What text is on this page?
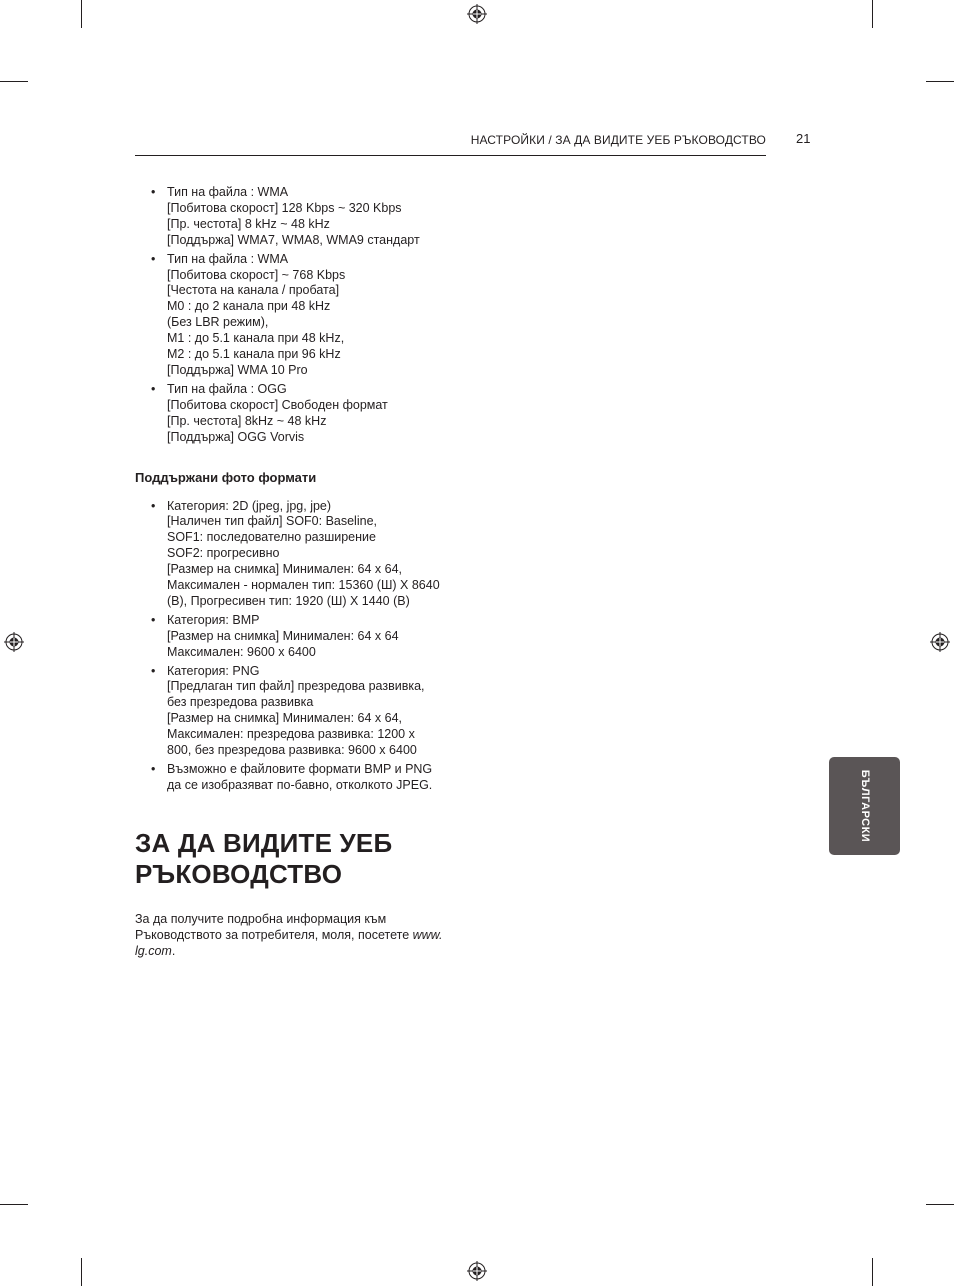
НАСТРОЙКИ / ЗА ДА ВИДИТЕ УЕБ РЪКОВОДСТВО 21
• Тип на файла : WMA
[Побитова скорост] 128 Kbps ~ 320 Kbps
[Пр. честота] 8 kHz ~ 48 kHz
[Поддържа] WMA7, WMA8, WMA9 стандарт
• Тип на файла : WMA
[Побитова скорост] ~ 768 Kbps
[Честота на канала / пробата]
M0 : до 2 канала при 48 kHz
(Без LBR режим),
M1 : до 5.1 канала при 48 kHz,
M2 : до 5.1 канала при 96 kHz
[Поддържа] WMA 10 Pro
• Тип на файла : OGG
[Побитова скорост] Свободен формат
[Пр. честота] 8kHz ~ 48 kHz
[Поддържа] OGG Vorvis
Поддържани фото формати
• Категория: 2D (jpeg, jpg, jpe)
[Наличен тип файл] SOF0: Baseline,
SOF1: последователно разширение
SOF2: прогресивно
[Размер на снимка] Минимален: 64 x 64,
Максимален - нормален тип: 15360 (Ш) X 8640
(В), Прогресивен тип: 1920 (Ш) X 1440 (В)
• Категория: BMP
[Размер на снимка] Минимален: 64 x 64
Максимален: 9600 x 6400
• Категория: PNG
[Предлаган тип файл] презредова развивка,
без презредова развивка
[Размер на снимка] Минимален: 64 x 64,
Максимален: презредова развивка: 1200 x
800, без презредова развивка: 9600 x 6400
• Възможно е файловите формати BMP и PNG
да се изобразяват по-бавно, отколкото JPEG.
ЗА ДА ВИДИТЕ УЕБ
РЪКОВОДСТВО
За да получите подробна информация към
Ръководството за потребителя, моля, посетете www.
lg.com.
БЪЛГАРСКИ
